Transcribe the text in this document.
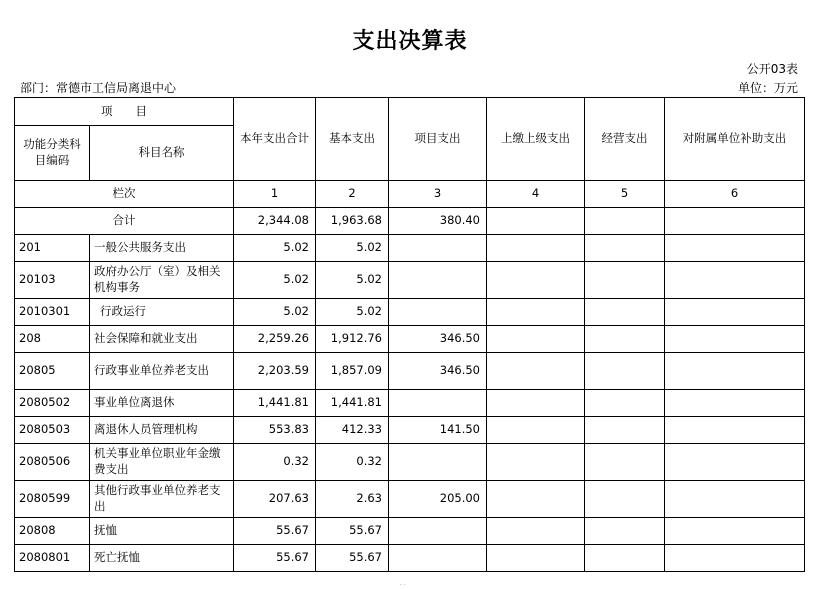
支出决算表
公开03表
部门：常德市工信局离退中心	单位：万元
项　　目		本年支出合计	基本支出	项目支出	上缴上级支出	经营支出	对附属单位补助支出
功能分类科目编码	科目名称						
栏次		1	2	3	4	5	6
合计		2,344.08	1,963.68	380.40			
201	一般公共服务支出	5.02	5.02				
20103	政府办公厅（室）及相关机构事务	5.02	5.02				
2010301	行政运行	5.02	5.02				
208	社会保障和就业支出	2,259.26	1,912.76	346.50			
20805	行政事业单位养老支出	2,203.59	1,857.09	346.50			
2080502	事业单位离退休	1,441.81	1,441.81				
2080503	离退休人员管理机构	553.83	412.33	141.50			
2080506	机关事业单位职业年金缴费支出	0.32	0.32				
2080599	其他行政事业单位养老支出	207.63	2.63	205.00			
20808	抚恤	55.67	55.67				
2080801	死亡抚恤	55.67	55.67				
· ·
